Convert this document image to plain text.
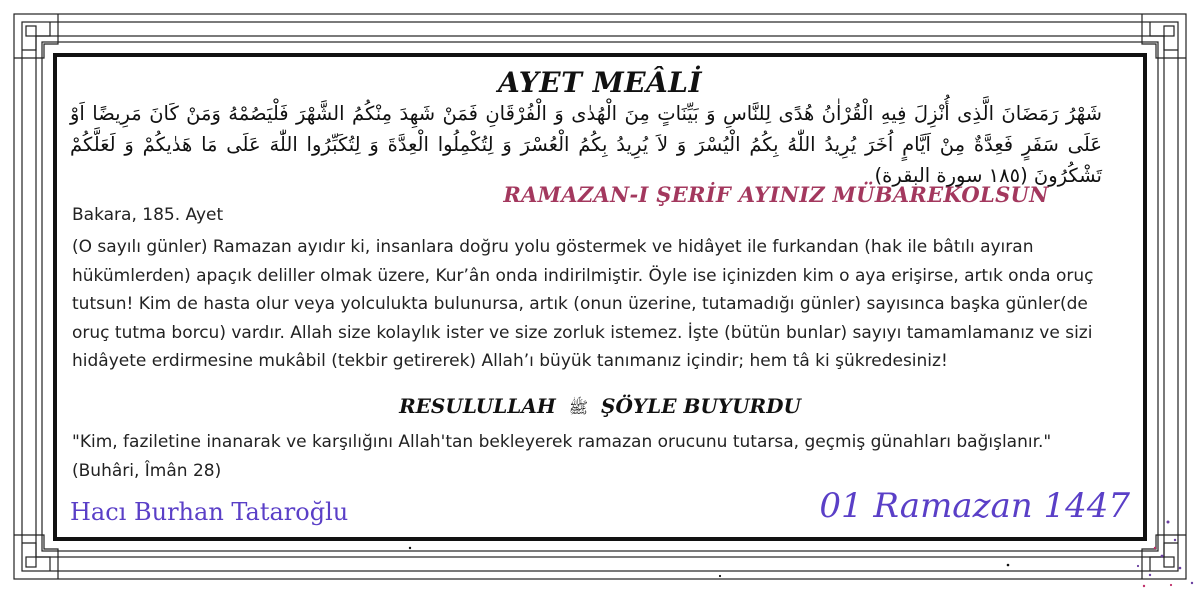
AYET MEÂLİ

شَهْرُ رَمَضَانَ الَّذِى أُنْزِلَ فِيهِ الْقُرْاٰنُ هُدًى لِلنَّاسِ وَ بَيِّنَاتٍ مِنَ الْهُدٰى وَ الْفُرْقَانِ فَمَنْ شَهِدَ مِنْكُمُ الشَّهْرَ فَلْيَصُمْهُ وَمَنْ كَانَ مَرِيضًا اَوْ عَلَى سَفَرٍ فَعِدَّةٌ مِنْ اَيَّامٍ اُخَرَ يُرِيدُ اللّٰهُ بِكُمُ الْيُسْرَ وَ لاَ يُرِيدُ بِكُمُ الْعُسْرَ وَ لِتُكْمِلُوا الْعِدَّةَ وَ لِتُكَبِّرُوا اللّٰهَ عَلَى مَا هَدٰيكُمْ وَ لَعَلَّكُمْ تَشْكُرُونَ (١٨٥ سورة البقرة)

RAMAZAN-I ŞERİF AYINIZ MÜBAREKOLSUN

Bakara, 185. Ayet

(O sayılı günler) Ramazan ayıdır ki, insanlara doğru yolu göstermek ve hidâyet ile furkandan (hak ile bâtılı ayıran hükümlerden) apaçık deliller olmak üzere, Kur’ân onda indirilmiştir. Öyle ise içinizden kim o aya erişirse, artık onda oruç tutsun! Kim de hasta olur veya yolculukta bulunursa, artık (onun üzerine, tutamadığı günler) sayısınca başka günler(de oruç tutma borcu) vardır. Allah size kolaylık ister ve size zorluk istemez. İşte (bütün bunlar) sayıyı tamamlamanız ve sizi hidâyete erdirmesine mukâbil (tekbir getirerek) Allah’ı büyük tanımanız içindir; hem tâ ki şükredesiniz!

RESULULLAH ﷺ ŞÖYLE BUYURDU

"Kim, faziletine inanarak ve karşılığını Allah'tan bekleyerek ramazan orucunu tutarsa, geçmiş günahları bağışlanır." (Buhâri, Îmân 28)

Hacı Burhan Tataroğlu	01 Ramazan 1447
